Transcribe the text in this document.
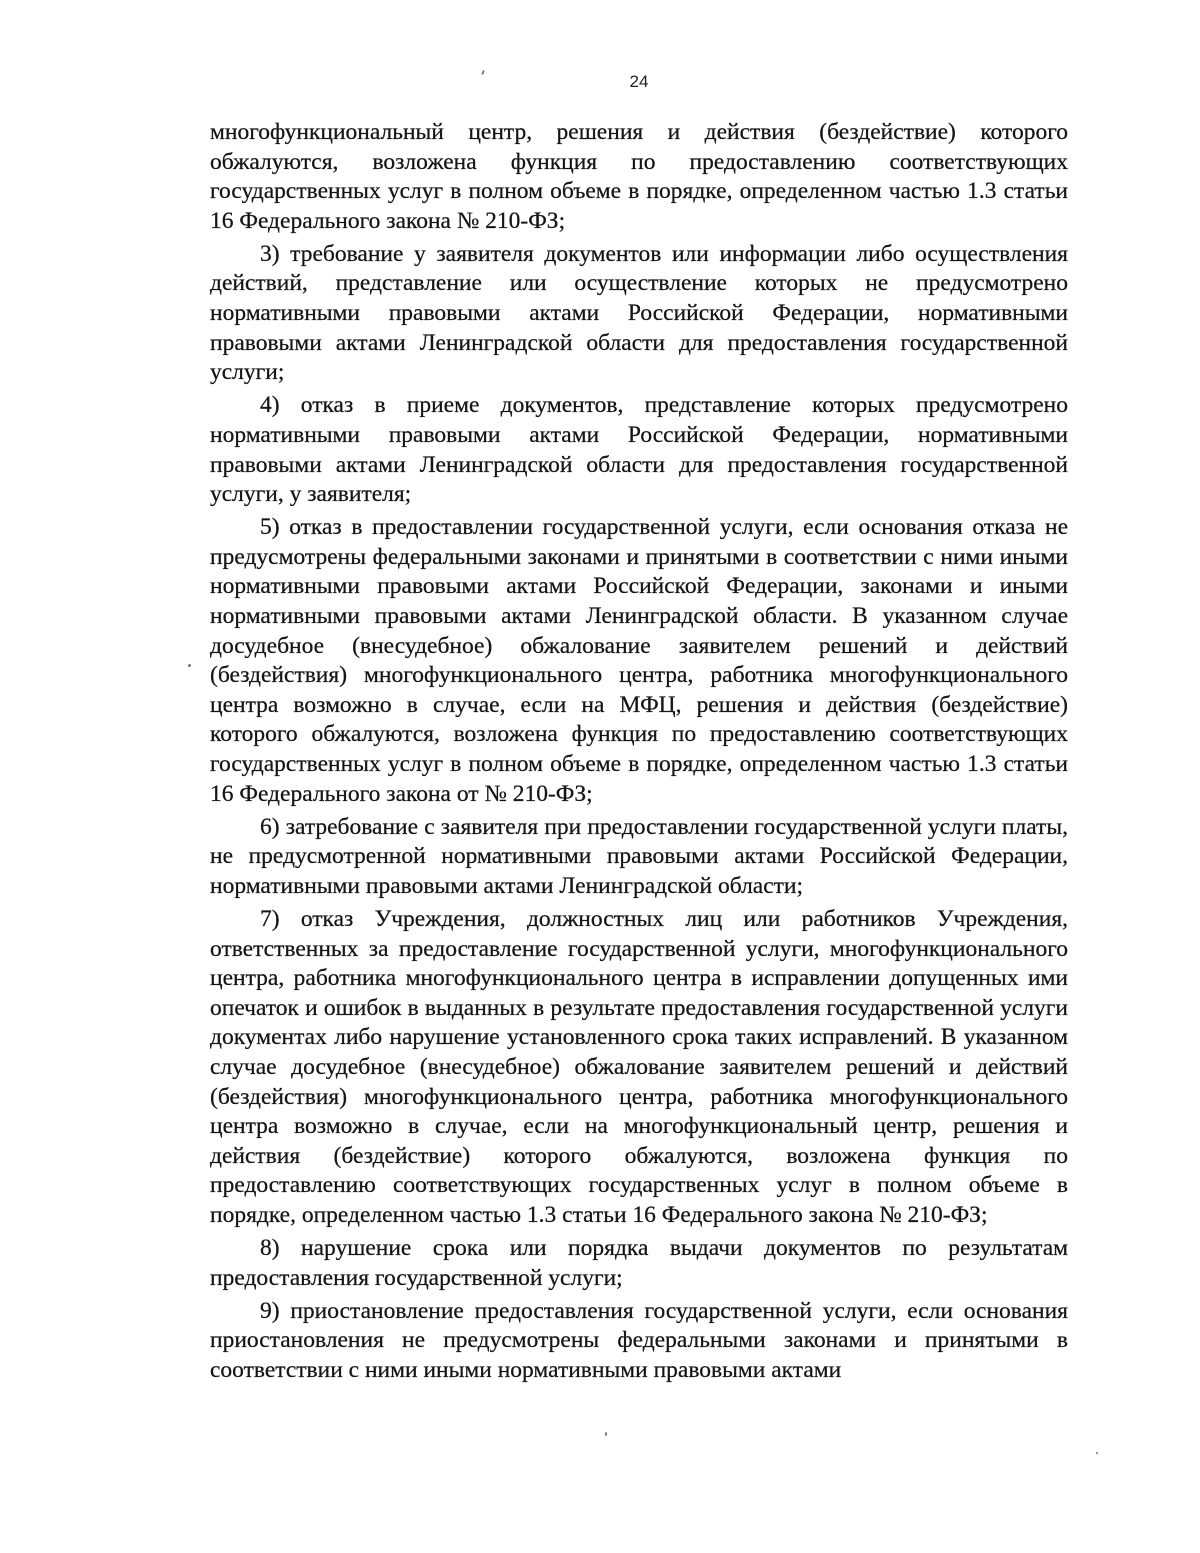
24

многофункциональный центр, решения и действия (бездействие) которого обжалуются, возложена функция по предоставлению соответствующих государственных услуг в полном объеме в порядке, определенном частью 1.3 статьи 16 Федерального закона № 210-ФЗ;

3) требование у заявителя документов или информации либо осуществления действий, представление или осуществление которых не предусмотрено нормативными правовыми актами Российской Федерации, нормативными правовыми актами Ленинградской области для предоставления государственной услуги;

4) отказ в приеме документов, представление которых предусмотрено нормативными правовыми актами Российской Федерации, нормативными правовыми актами Ленинградской области для предоставления государственной услуги, у заявителя;

5) отказ в предоставлении государственной услуги, если основания отказа не предусмотрены федеральными законами и принятыми в соответствии с ними иными нормативными правовыми актами Российской Федерации, законами и иными нормативными правовыми актами Ленинградской области. В указанном случае досудебное (внесудебное) обжалование заявителем решений и действий (бездействия) многофункционального центра, работника многофункционального центра возможно в случае, если на МФЦ, решения и действия (бездействие) которого обжалуются, возложена функция по предоставлению соответствующих государственных услуг в полном объеме в порядке, определенном частью 1.3 статьи 16 Федерального закона от № 210-ФЗ;

6) затребование с заявителя при предоставлении государственной услуги платы, не предусмотренной нормативными правовыми актами Российской Федерации, нормативными правовыми актами Ленинградской области;

7) отказ Учреждения, должностных лиц или работников Учреждения, ответственных за предоставление государственной услуги, многофункционального центра, работника многофункционального центра в исправлении допущенных ими опечаток и ошибок в выданных в результате предоставления государственной услуги документах либо нарушение установленного срока таких исправлений. В указанном случае досудебное (внесудебное) обжалование заявителем решений и действий (бездействия) многофункционального центра, работника многофункционального центра возможно в случае, если на многофункциональный центр, решения и действия (бездействие) которого обжалуются, возложена функция по предоставлению соответствующих государственных услуг в полном объеме в порядке, определенном частью 1.3 статьи 16 Федерального закона № 210-ФЗ;

8) нарушение срока или порядка выдачи документов по результатам предоставления государственной услуги;

9) приостановление предоставления государственной услуги, если основания приостановления не предусмотрены федеральными законами и принятыми в соответствии с ними иными нормативными правовыми актами
